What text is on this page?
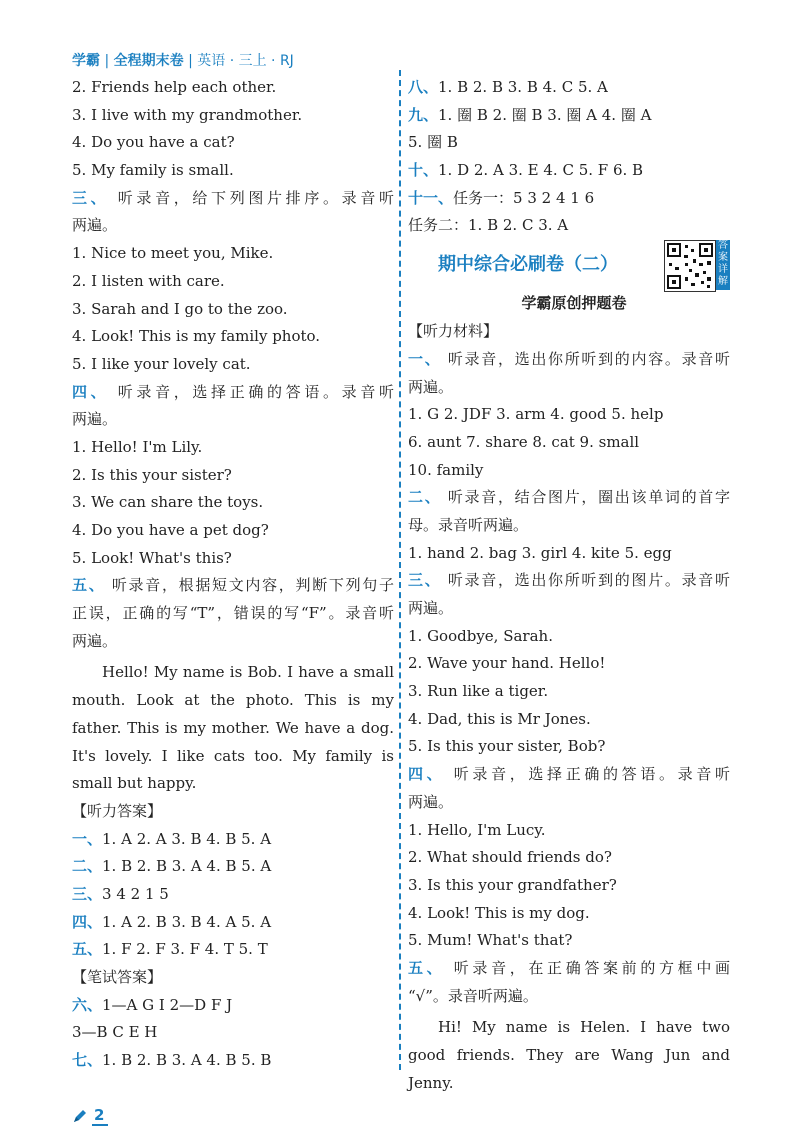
学霸 | 全程期末卷 | 英语 · 三上 · RJ
2. Friends help each other.
3. I live with my grandmother.
4. Do you have a cat?
5. My family is small.
三、 听录音，给下列图片排序。录音听
两遍。
1. Nice to meet you, Mike.
2. I listen with care.
3. Sarah and I go to the zoo.
4. Look! This is my family photo.
5. I like your lovely cat.
四、 听录音，选择正确的答语。录音听
两遍。
1. Hello! I'm Lily.
2. Is this your sister?
3. We can share the toys.
4. Do you have a pet dog?
5. Look! What's this?
五、 听录音，根据短文内容，判断下列句子
正误，正确的写“T”，错误的写“F”。录音听
两遍。
Hello! My name is Bob. I have a small
mouth. Look at the photo. This is my
father. This is my mother. We have a dog.
It's lovely. I like cats too. My family is
small but happy.
【听力答案】
一、1. A 2. A 3. B 4. B 5. A
二、1. B 2. B 3. A 4. B 5. A
三、3 4 2 1 5
四、1. A 2. B 3. B 4. A 5. A
五、1. F 2. F 3. F 4. T 5. T
【笔试答案】
六、1—A G I 2—D F J
3—B C E H
七、1. B 2. B 3. A 4. B 5. B
八、1. B 2. B 3. B 4. C 5. A
九、1. 圈 B 2. 圈 B 3. 圈 A 4. 圈 A
5. 圈 B
十、1. D 2. A 3. E 4. C 5. F 6. B
十一、任务一：5 3 2 4 1 6
任务二：1. B 2. C 3. A
期中综合必刷卷（二）
答案详解
学霸原创押题卷
【听力材料】
一、 听录音，选出你所听到的内容。录音听
两遍。
1. G 2. JDF 3. arm 4. good 5. help
6. aunt 7. share 8. cat 9. small
10. family
二、 听录音，结合图片，圈出该单词的首字
母。录音听两遍。
1. hand 2. bag 3. girl 4. kite 5. egg
三、 听录音，选出你所听到的图片。录音听
两遍。
1. Goodbye, Sarah.
2. Wave your hand. Hello!
3. Run like a tiger.
4. Dad, this is Mr Jones.
5. Is this your sister, Bob?
四、 听录音，选择正确的答语。录音听
两遍。
1. Hello, I'm Lucy.
2. What should friends do?
3. Is this your grandfather?
4. Look! This is my dog.
5. Mum! What's that?
五、 听录音，在正确答案前的方框中画
“√”。录音听两遍。
Hi! My name is Helen. I have two
good friends. They are Wang Jun and Jenny.
2
